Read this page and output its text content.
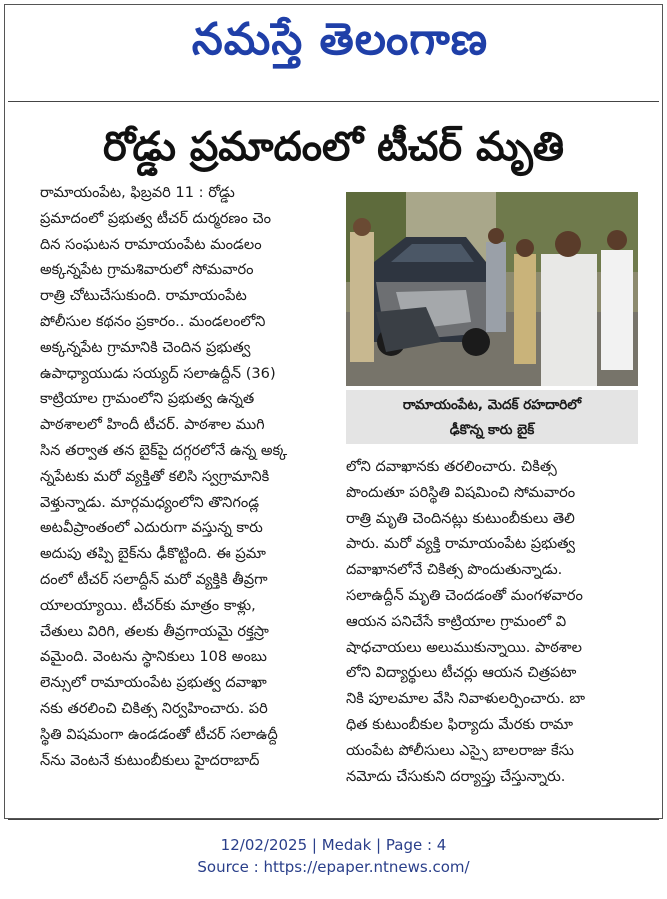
నమస్తే తెలంగాణ
రోడ్డు ప్రమాదంలో టీచర్ మృతి
రామాయంపేట, ఫిబ్రవరి 11 : రోడ్డు
ప్రమాదంలో ప్రభుత్వ టీచర్ దుర్మరణం చెం
దిన సంఘటన రామాయంపేట మండలం
అక్కన్నపేట గ్రామశివారులో సోమవారం
రాత్రి చోటుచేసుకుంది. రామాయంపేట
పోలీసుల కథనం ప్రకారం.. మండలంలోని
అక్కన్నపేట గ్రామానికి చెందిన ప్రభుత్వ
ఉపాధ్యాయుడు సయ్యద్ సలాఉద్దీన్ (36)
కాట్రియాల గ్రామంలోని ప్రభుత్వ ఉన్నత
పాఠశాలలో హిందీ టీచర్. పాఠశాల ముగి
సిన తర్వాత తన బైక్‌పై దగ్గరలోనే ఉన్న అక్క
న్నపేటకు మరో వ్యక్తితో కలిసి స్వగ్రామానికి
వెళ్తున్నాడు. మార్గమధ్యంలోని తొనిగండ్ల
అటవీప్రాంతంలో ఎదురుగా వస్తున్న కారు
అదుపు తప్పి బైక్‌ను ఢీకొట్టింది. ఈ ప్రమా
దంలో టీచర్ సలాద్దీన్ మరో వ్యక్తికి తీవ్రగా
యాలయ్యాయి. టీచర్‌కు మాత్రం కాళ్లు,
చేతులు విరిగి, తలకు తీవ్రగాయమై రక్తస్రా
వమైంది. వెంటను స్థానికులు 108 అంబు
లెన్సులో రామాయంపేట ప్రభుత్వ దవాఖా
నకు తరలించి చికిత్స నిర్వహించారు. పరి
స్థితి విషమంగా ఉండడంతో టీచర్ సలాఉద్దీ
న్‌ను వెంటనే కుటుంబీకులు హైదరాబాద్
రామాయంపేట, మెదక్ రహదారిలో
ఢీకొన్న కారు బైక్
లోని దవాఖానకు తరలించారు. చికిత్స
పొందుతూ పరిస్థితి విషమించి సోమవారం
రాత్రి మృతి చెందినట్లు కుటుంబీకులు తెలి
పారు. మరో వ్యక్తి రామాయంపేట ప్రభుత్వ
దవాఖానలోనే చికిత్స పొందుతున్నాడు.
సలాఉద్దీన్ మృతి చెందడంతో మంగళవారం
ఆయన పనిచేసే కాట్రియాల గ్రామంలో వి
షాధచాయలు అలుముకున్నాయి. పాఠశాల
లోని విద్యార్థులు టీచర్లు ఆయన చిత్రపటా
నికి పూలమాల వేసి నివాళులర్పించారు. బా
ధిత కుటుంబీకుల ఫిర్యాదు మేరకు రామా
యంపేట పోలీసులు ఎస్సై బాలరాజు కేసు
నమోదు చేసుకుని దర్యాప్తు చేస్తున్నారు.
12/02/2025 | Medak | Page : 4
Source : https://epaper.ntnews.com/
